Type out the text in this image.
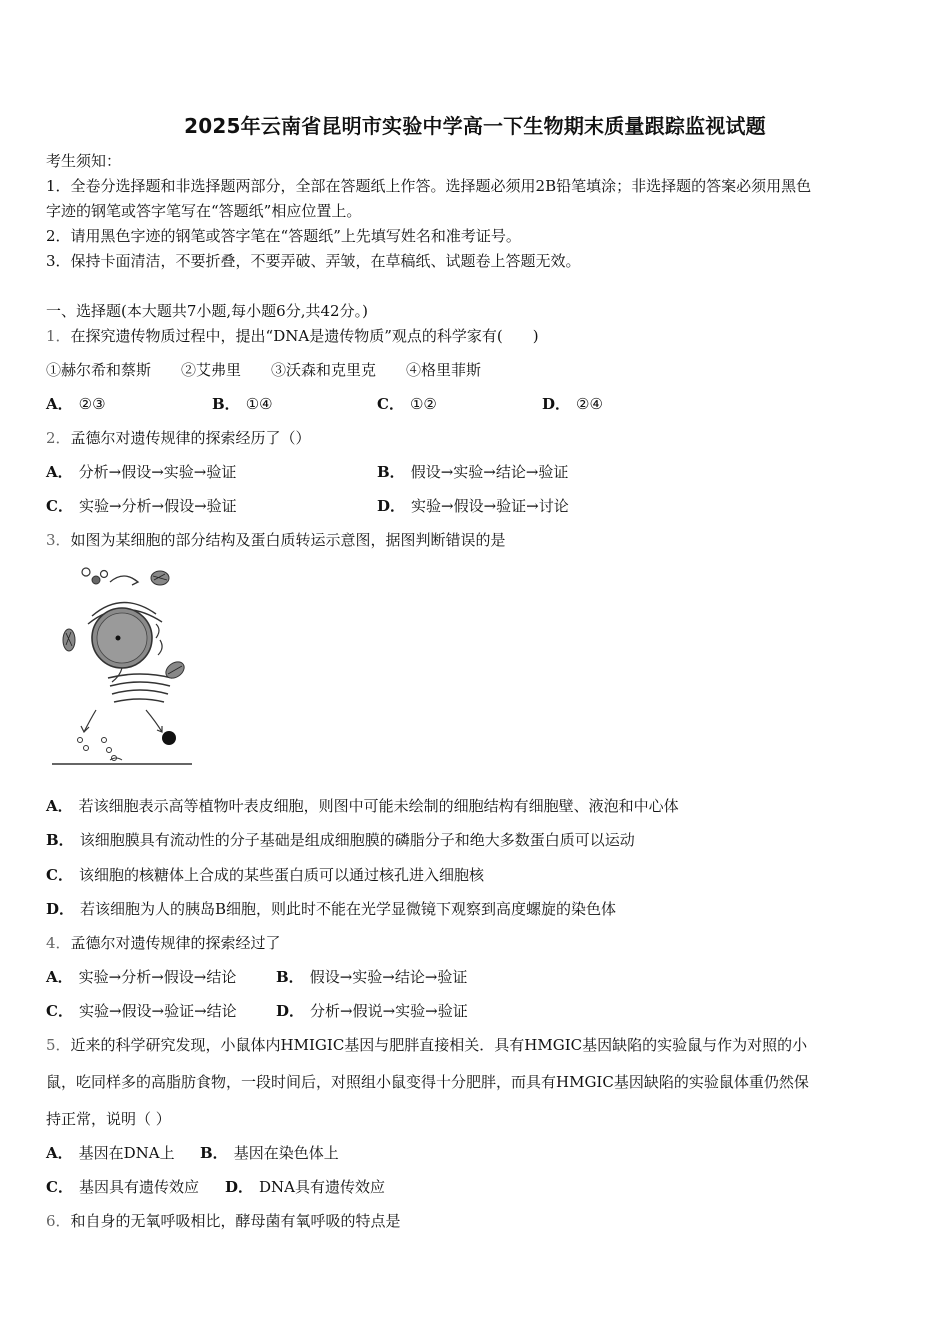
2025年云南省昆明市实验中学高一下生物期末质量跟踪监视试题
考生须知：
1．全卷分选择题和非选择题两部分，全部在答题纸上作答。选择题必须用2B铅笔填涂；非选择题的答案必须用黑色
字迹的钢笔或答字笔写在“答题纸”相应位置上。
2．请用黑色字迹的钢笔或答字笔在“答题纸”上先填写姓名和准考证号。
3．保持卡面清洁，不要折叠，不要弄破、弄皱，在草稿纸、试题卷上答题无效。
一、选择题(本大题共7小题,每小题6分,共42分。)
1．在探究遗传物质过程中，提出“DNA是遗传物质”观点的科学家有(　　)
①赫尔希和蔡斯　　②艾弗里　　③沃森和克里克　　④格里菲斯
A． ②③	B． ①④	C． ①②	D． ②④
2．孟德尔对遗传规律的探索经历了（）
A． 分析→假设→实验→验证	B． 假设→实验→结论→验证
C． 实验→分析→假设→验证	D． 实验→假设→验证→讨论
3．如图为某细胞的部分结构及蛋白质转运示意图，据图判断错误的是
A． 若该细胞表示高等植物叶表皮细胞，则图中可能未绘制的细胞结构有细胞壁、液泡和中心体
B． 该细胞膜具有流动性的分子基础是组成细胞膜的磷脂分子和绝大多数蛋白质可以运动
C． 该细胞的核糖体上合成的某些蛋白质可以通过核孔进入细胞核
D． 若该细胞为人的胰岛B细胞，则此时不能在光学显微镜下观察到高度螺旋的染色体
4．孟德尔对遗传规律的探索经过了
A． 实验→分析→假设→结论	B． 假设→实验→结论→验证
C． 实验→假设→验证→结论	D． 分析→假说→实验→验证
5．近来的科学研究发现，小鼠体内HMIGIC基因与肥胖直接相关．具有HMGIC基因缺陷的实验鼠与作为对照的小
鼠，吃同样多的高脂肪食物，一段时间后，对照组小鼠变得十分肥胖，而具有HMGIC基因缺陷的实验鼠体重仍然保
持正常，说明（ ）
A． 基因在DNA上 B． 基因在染色体上
C． 基因具有遗传效应 D． DNA具有遗传效应
6．和自身的无氧呼吸相比，酵母菌有氧呼吸的特点是
